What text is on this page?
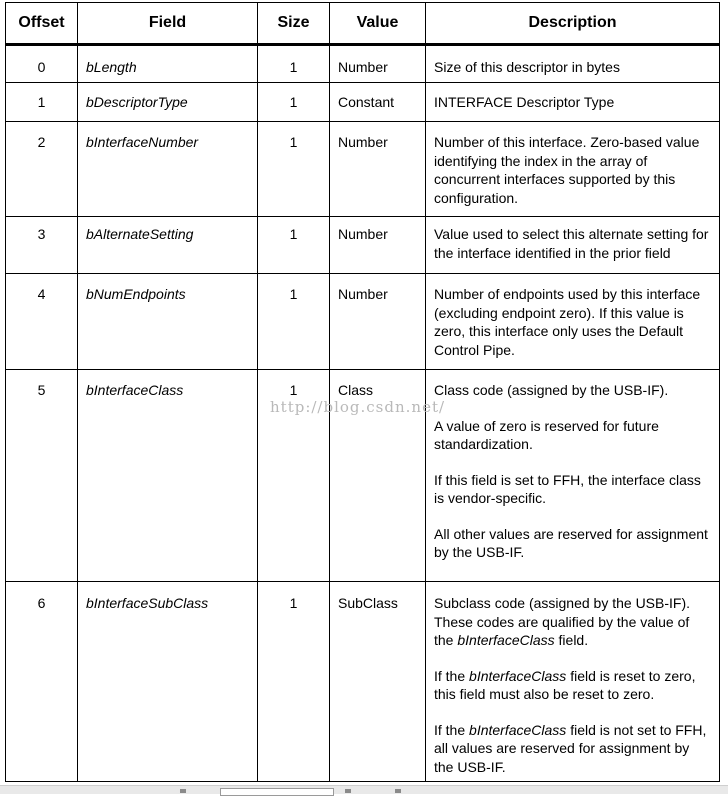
Offset	Field	Size	Value	Description
0	bLength	1	Number	Size of this descriptor in bytes

1	bDescriptorType	1	Constant	INTERFACE Descriptor Type

2	bInterfaceNumber	1	Number	Number of this interface. Zero-based value identifying the index in the array of concurrent interfaces supported by this configuration.

3	bAlternateSetting	1	Number	Value used to select this alternate setting for the interface identified in the prior field

4	bNumEndpoints	1	Number	Number of endpoints used by this interface (excluding endpoint zero). If this value is zero, this interface only uses the Default Control Pipe.

5	bInterfaceClass	1	Class	Class code (assigned by the USB-IF).

A value of zero is reserved for future standardization.

If this field is set to FFH, the interface class is vendor-specific.

All other values are reserved for assignment by the USB-IF.

6	bInterfaceSubClass	1	SubClass	Subclass code (assigned by the USB-IF). These codes are qualified by the value of the bInterfaceClass field.

If the bInterfaceClass field is reset to zero, this field must also be reset to zero.

If the bInterfaceClass field is not set to FFH, all values are reserved for assignment by the USB-IF.

http://blog.csdn.net/
